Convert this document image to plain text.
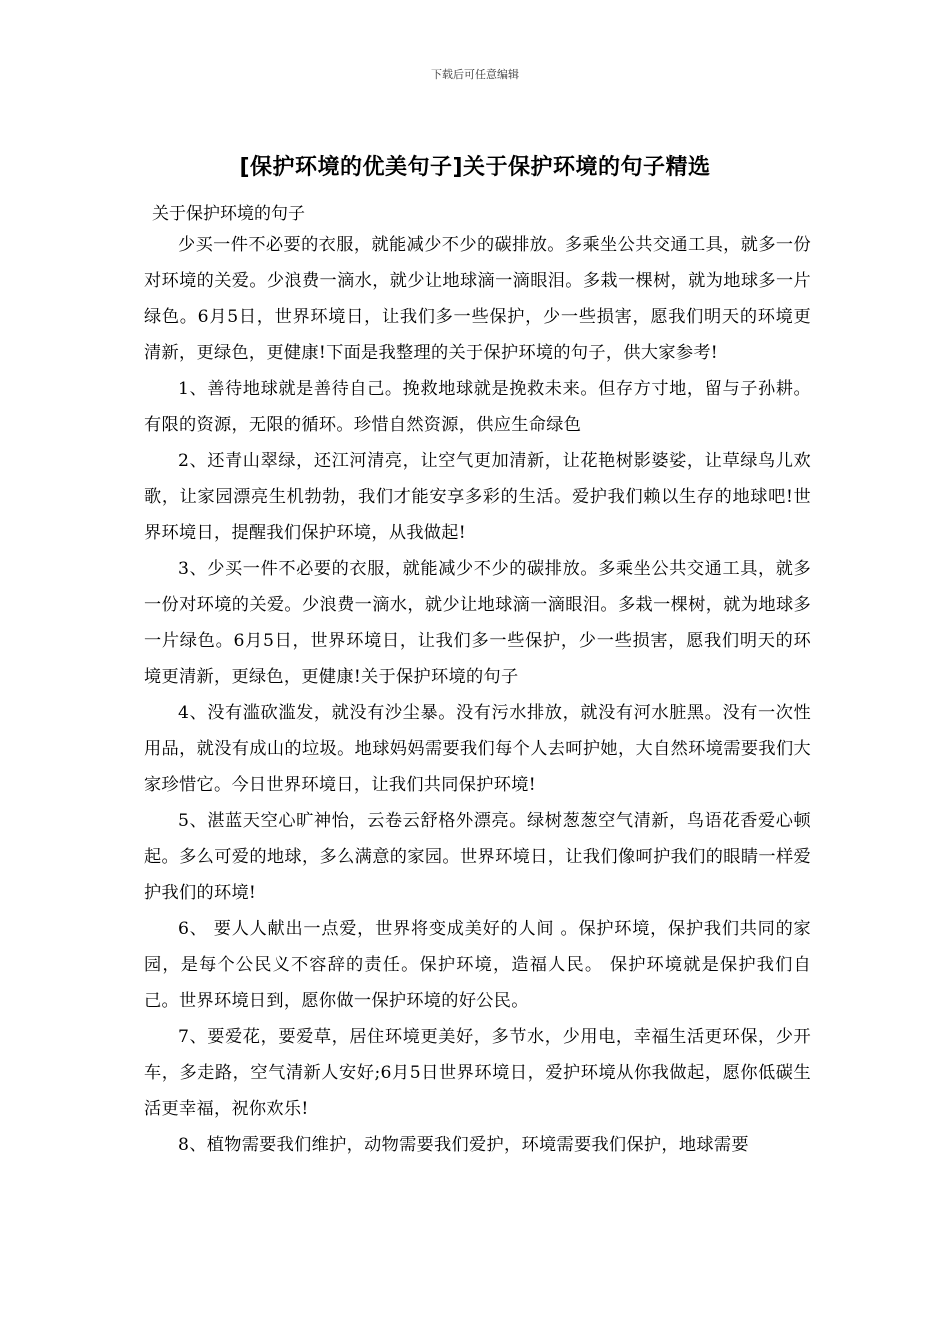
下载后可任意编辑
[保护环境的优美句子]关于保护环境的句子精选
关于保护环境的句子

少买一件不必要的衣服，就能减少不少的碳排放。多乘坐公共交通工具，就多一份对环境的关爱。少浪费一滴水，就少让地球滴一滴眼泪。多栽一棵树，就为地球多一片绿色。6月5日，世界环境日，让我们多一些保护，少一些损害，愿我们明天的环境更清新，更绿色，更健康!下面是我整理的关于保护环境的句子，供大家参考!

1、善待地球就是善待自己。挽救地球就是挽救未来。但存方寸地，留与子孙耕。有限的资源，无限的循环。珍惜自然资源，供应生命绿色

2、还青山翠绿，还江河清亮，让空气更加清新，让花艳树影婆娑，让草绿鸟儿欢歌，让家园漂亮生机勃勃，我们才能安享多彩的生活。爱护我们赖以生存的地球吧!世界环境日，提醒我们保护环境，从我做起!

3、少买一件不必要的衣服，就能减少不少的碳排放。多乘坐公共交通工具，就多一份对环境的关爱。少浪费一滴水，就少让地球滴一滴眼泪。多栽一棵树，就为地球多一片绿色。6月5日，世界环境日，让我们多一些保护，少一些损害，愿我们明天的环境更清新，更绿色，更健康!关于保护环境的句子

4、没有滥砍滥发，就没有沙尘暴。没有污水排放，就没有河水脏黑。没有一次性用品，就没有成山的垃圾。地球妈妈需要我们每个人去呵护她，大自然环境需要我们大家珍惜它。今日世界环境日，让我们共同保护环境!

5、湛蓝天空心旷神怡，云卷云舒格外漂亮。绿树葱葱空气清新，鸟语花香爱心顿起。多么可爱的地球，多么满意的家园。世界环境日，让我们像呵护我们的眼睛一样爱护我们的环境!

6、 要人人献出一点爱，世界将变成美好的人间 。保护环境，保护我们共同的家园，是每个公民义不容辞的责任。保护环境，造福人民。 保护环境就是保护我们自己。世界环境日到，愿你做一保护环境的好公民。

7、要爱花，要爱草，居住环境更美好，多节水，少用电，幸福生活更环保，少开车，多走路，空气清新人安好;6月5日世界环境日，爱护环境从你我做起，愿你低碳生活更幸福，祝你欢乐!

8、植物需要我们维护，动物需要我们爱护，环境需要我们保护，地球需要
